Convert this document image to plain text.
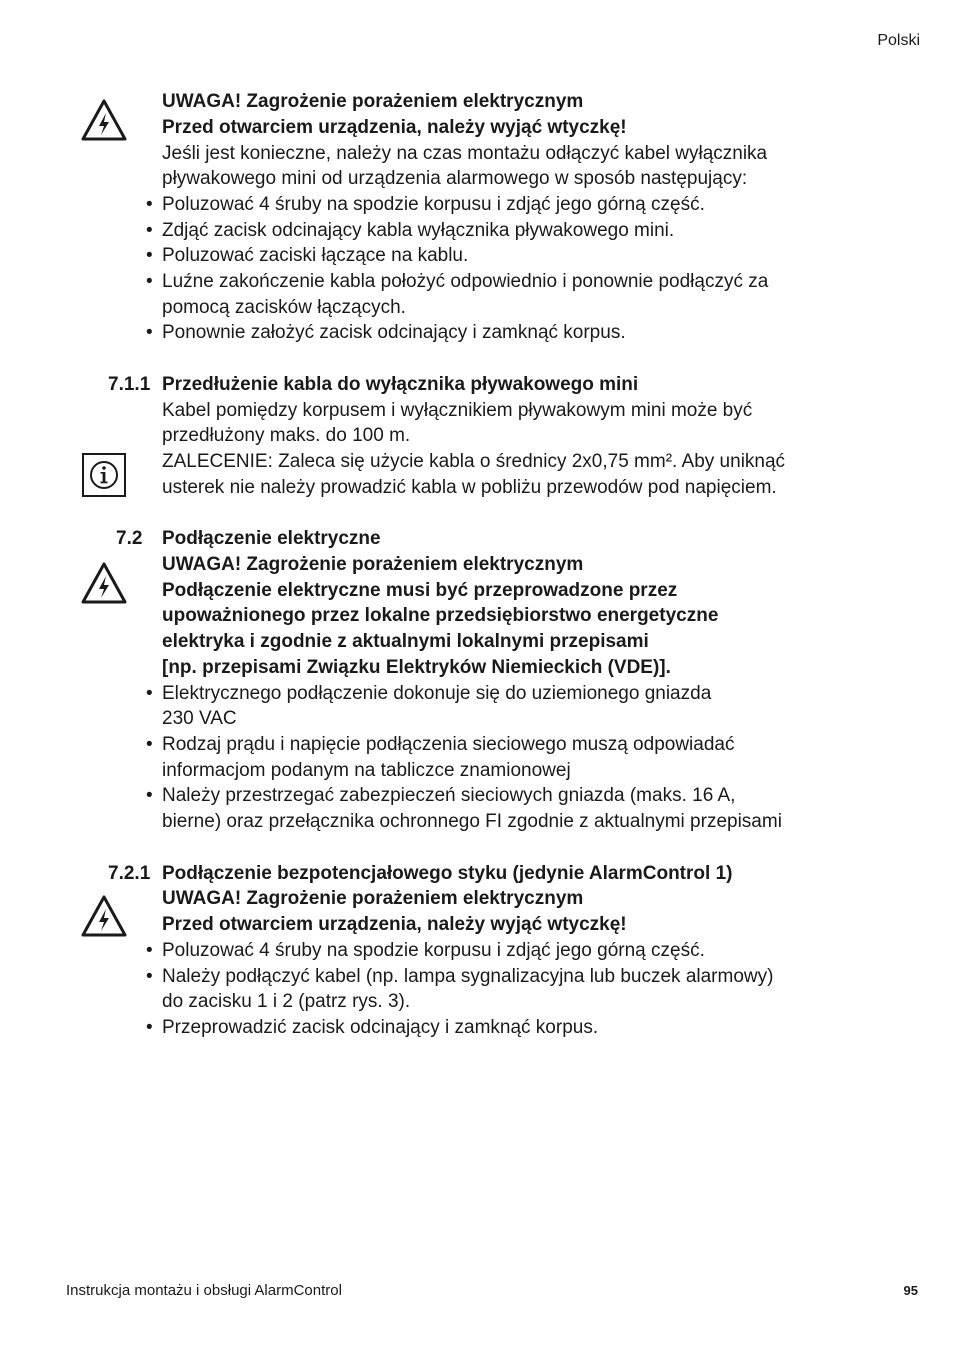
Polski
UWAGA! Zagrożenie porażeniem elektrycznym
Przed otwarciem urządzenia, należy wyjąć wtyczkę!
Jeśli jest konieczne, należy na czas montażu odłączyć kabel wyłącznika
pływakowego mini od urządzenia alarmowego w sposób następujący:
• Poluzować 4 śruby na spodzie korpusu i zdjąć jego górną część.
• Zdjąć zacisk odcinający kabla wyłącznika pływakowego mini.
• Poluzować zaciski łączące na kablu.
• Luźne zakończenie kabla położyć odpowiednio i ponownie podłączyć za
pomocą zacisków łączących.
• Ponownie założyć zacisk odcinający i zamknąć korpus.
7.1.1 Przedłużenie kabla do wyłącznika pływakowego mini
Kabel pomiędzy korpusem i wyłącznikiem pływakowym mini może być
przedłużony maks. do 100 m.
ZALECENIE: Zaleca się użycie kabla o średnicy 2x0,75 mm². Aby uniknąć
usterek nie należy prowadzić kabla w pobliżu przewodów pod napięciem.
7.2 Podłączenie elektryczne
UWAGA! Zagrożenie porażeniem elektrycznym
Podłączenie elektryczne musi być przeprowadzone przez
upoważnionego przez lokalne przedsiębiorstwo energetyczne
elektryka i zgodnie z aktualnymi lokalnymi przepisami
[np. przepisami Związku Elektryków Niemieckich (VDE)].
• Elektrycznego podłączenie dokonuje się do uziemionego gniazda
230 VAC
• Rodzaj prądu i napięcie podłączenia sieciowego muszą odpowiadać
informacjom podanym na tabliczce znamionowej
• Należy przestrzegać zabezpieczeń sieciowych gniazda (maks. 16 A,
bierne) oraz przełącznika ochronnego FI zgodnie z aktualnymi przepisami
7.2.1 Podłączenie bezpotencjałowego styku (jedynie AlarmControl 1)
UWAGA! Zagrożenie porażeniem elektrycznym
Przed otwarciem urządzenia, należy wyjąć wtyczkę!
• Poluzować 4 śruby na spodzie korpusu i zdjąć jego górną część.
• Należy podłączyć kabel (np. lampa sygnalizacyjna lub buczek alarmowy)
do zacisku 1 i 2 (patrz rys. 3).
• Przeprowadzić zacisk odcinający i zamknąć korpus.
Instrukcja montażu i obsługi AlarmControl	95
